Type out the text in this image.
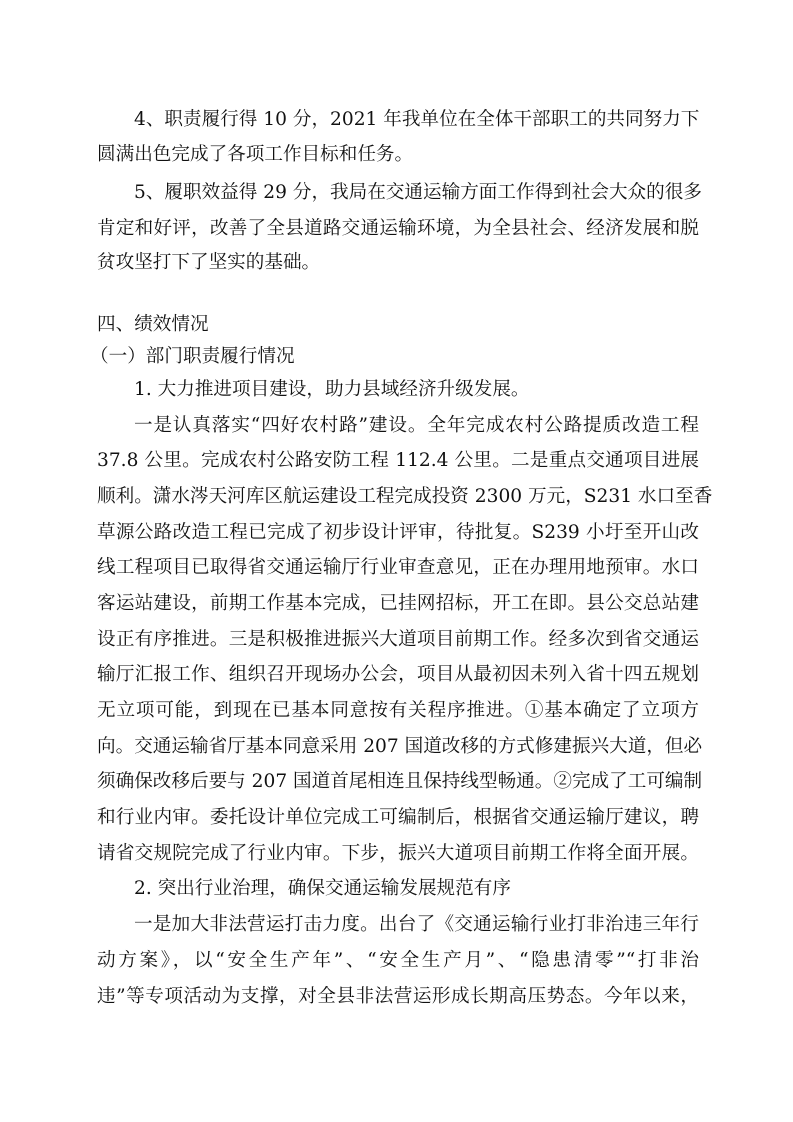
4、职责履行得 10 分，2021 年我单位在全体干部职工的共同努力下
圆满出色完成了各项工作目标和任务。
5、履职效益得 29 分，我局在交通运输方面工作得到社会大众的很多
肯定和好评，改善了全县道路交通运输环境，为全县社会、经济发展和脱
贫攻坚打下了坚实的基础。
四、绩效情况
（一）部门职责履行情况
1. 大力推进项目建设，助力县域经济升级发展。
一是认真落实“四好农村路”建设。全年完成农村公路提质改造工程
37.8 公里。完成农村公路安防工程 112.4 公里。二是重点交通项目进展
顺利。潇水涔天河库区航运建设工程完成投资 2300 万元，S231 水口至香
草源公路改造工程已完成了初步设计评审，待批复。S239 小圩至开山改
线工程项目已取得省交通运输厅行业审查意见，正在办理用地预审。水口
客运站建设，前期工作基本完成，已挂网招标，开工在即。县公交总站建
设正有序推进。三是积极推进振兴大道项目前期工作。经多次到省交通运
输厅汇报工作、组织召开现场办公会，项目从最初因未列入省十四五规划
无立项可能，到现在已基本同意按有关程序推进。①基本确定了立项方
向。交通运输省厅基本同意采用 207 国道改移的方式修建振兴大道，但必
须确保改移后要与 207 国道首尾相连且保持线型畅通。②完成了工可编制
和行业内审。委托设计单位完成工可编制后，根据省交通运输厅建议，聘
请省交规院完成了行业内审。下步，振兴大道项目前期工作将全面开展。
2. 突出行业治理，确保交通运输发展规范有序
一是加大非法营运打击力度。出台了《交通运输行业打非治违三年行
动方案》，以“安全生产年”、“安全生产月”、“隐患清零”“打非治
违”等专项活动为支撑，对全县非法营运形成长期高压势态。今年以来，
